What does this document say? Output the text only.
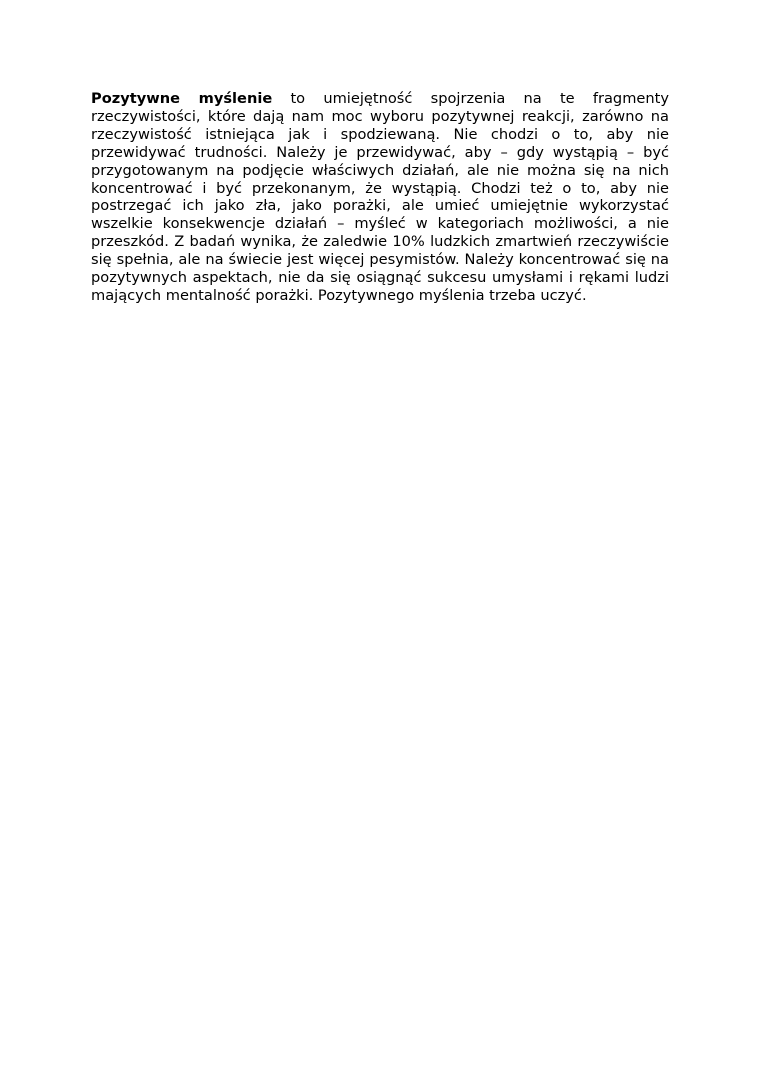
Pozytywne myślenie to umiejętność spojrzenia na te fragmenty rzeczywistości, które dają nam moc wyboru pozytywnej reakcji, zarówno na rzeczywistość istniejąca jak i spodziewaną. Nie chodzi o to, aby nie przewidywać trudności. Należy je przewidywać, aby – gdy wystąpią – być przygotowanym na podjęcie właściwych działań, ale nie można się na nich koncentrować i być przekonanym, że wystąpią. Chodzi też o to, aby nie postrzegać ich jako zła, jako porażki, ale umieć umiejętnie wykorzystać wszelkie konsekwencje działań – myśleć w kategoriach możliwości, a nie przeszkód. Z badań wynika, że zaledwie 10% ludzkich zmartwień rzeczywiście się spełnia, ale na świecie jest więcej pesymistów. Należy koncentrować się na pozytywnych aspektach, nie da się osiągnąć sukcesu umysłami i rękami ludzi mających mentalność porażki. Pozytywnego myślenia trzeba uczyć.
